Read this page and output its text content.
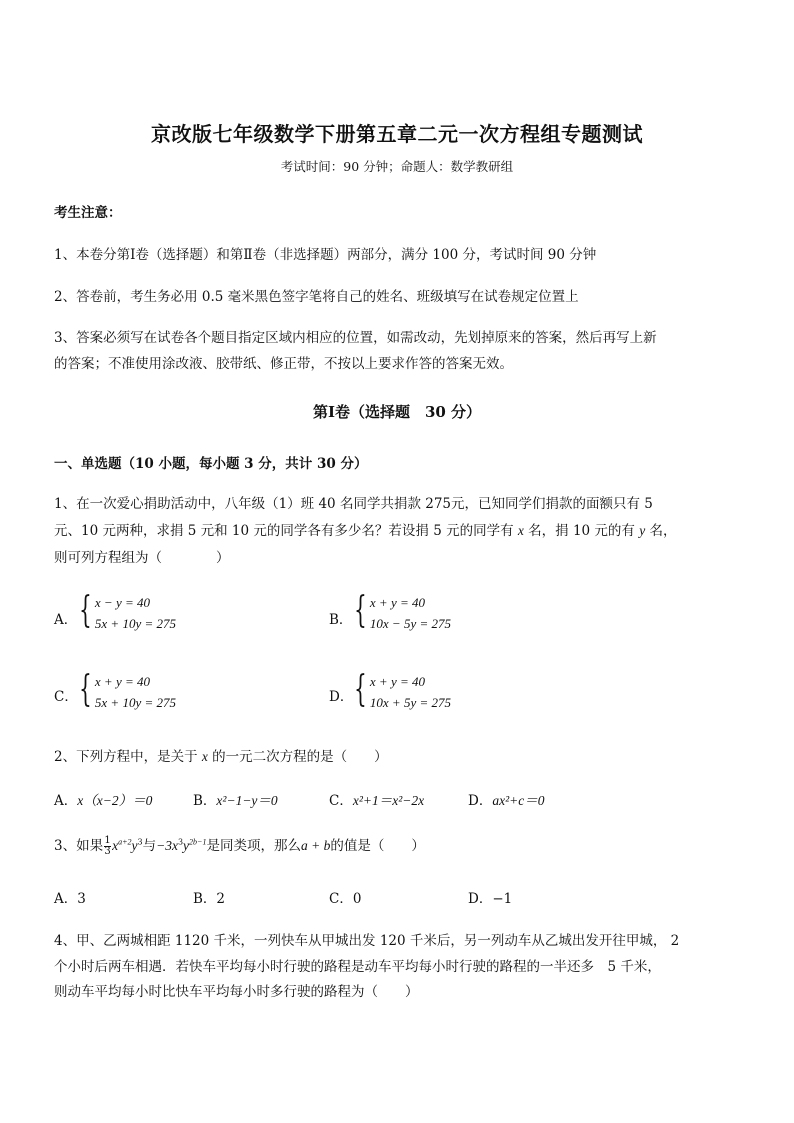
京改版七年级数学下册第五章二元一次方程组专题测试
考试时间：90 分钟；命题人：数学教研组
考生注意：
1、本卷分第Ⅰ卷（选择题）和第Ⅱ卷（非选择题）两部分，满分 100 分，考试时间 90 分钟
2、答卷前，考生务必用 0.5 毫米黑色签字笔将自己的姓名、班级填写在试卷规定位置上
3、答案必须写在试卷各个题目指定区域内相应的位置，如需改动，先划掉原来的答案，然后再写上新
的答案；不准使用涂改液、胶带纸、修正带，不按以上要求作答的答案无效。
第Ⅰ卷（选择题　30 分）
一、单选题（10 小题，每小题 3 分，共计 30 分）
1、在一次爱心捐助活动中，八年级（1）班 40 名同学共捐款 275元，已知同学们捐款的面额只有 5
元、10 元两种，求捐 5 元和 10 元的同学各有多少名？若设捐 5 元的同学有 x 名，捐 10 元的有 y 名，
则可列方程组为（　　　　）
A． { x − y = 40
5x + 10y = 275	B． { x + y = 40
10x − 5y = 275
C． { x + y = 40
5x + 10y = 275	D． { x + y = 40
10x + 5y = 275
2、下列方程中，是关于 x 的一元二次方程的是（　　）
A．x（x−2）＝0	B．x²−1−y＝0	C．x²+1＝x²−2x	D．ax²+c＝0
3、如果 $\frac{1}{3} x^{a+2}y^3$与$-3x^3y^{2b-1}$是同类项，那么a + b的值是（　　）
A．3	B．2	C．0	D．−1
4、甲、乙两城相距 1120 千米，一列快车从甲城出发 120 千米后，另一列动车从乙城出发开往甲城， 2
个小时后两车相遇．若快车平均每小时行驶的路程是动车平均每小时行驶的路程的一半还多　5 千米，
则动车平均每小时比快车平均每小时多行驶的路程为（　　）
